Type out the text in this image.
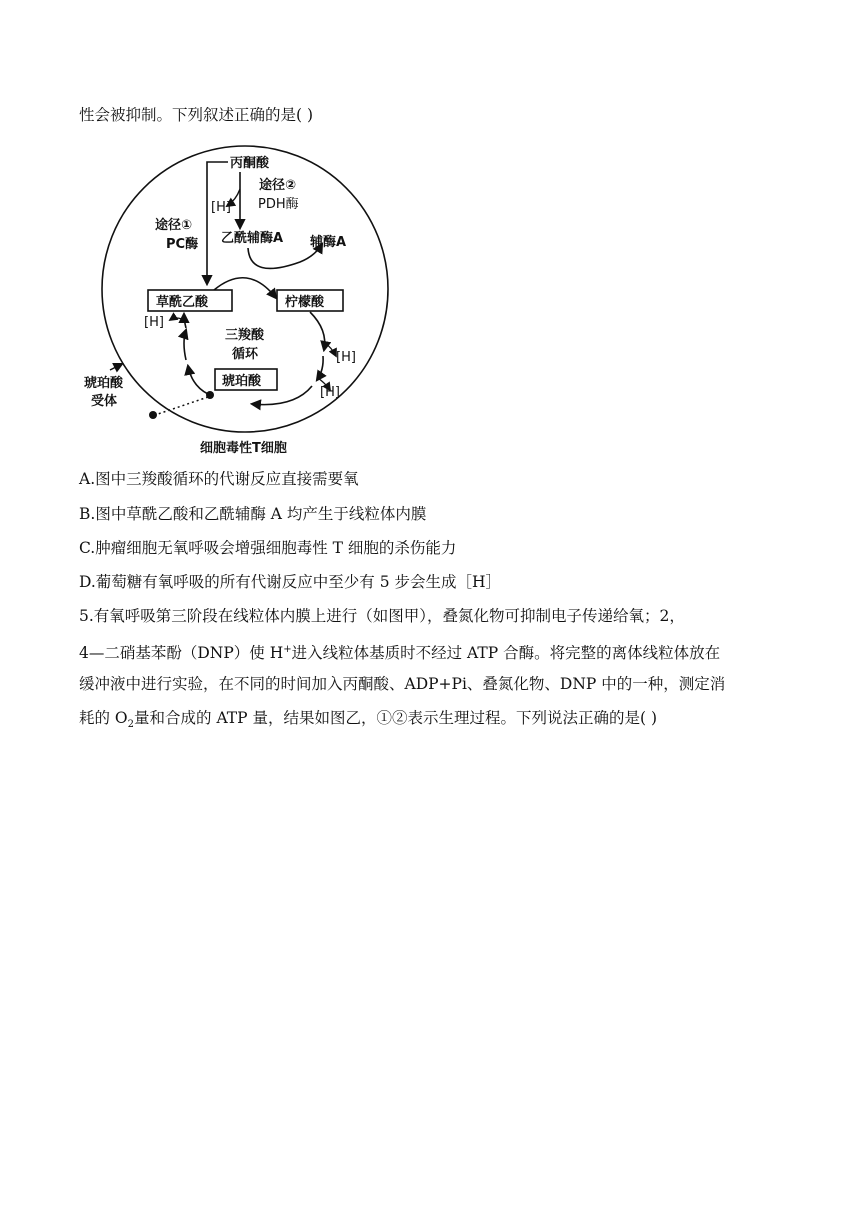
性会被抑制。下列叙述正确的是( )
丙酮酸
途径②
PDH酶
[H]
途径①
PC酶 乙酰辅酶A 辅酶A
草酰乙酸	柠檬酸
[H]
[H]
三羧酸
循环
琥珀酸
[H]
琥珀酸
受体
细胞毒性T细胞
A.图中三羧酸循环的代谢反应直接需要氧
B.图中草酰乙酸和乙酰辅酶 A 均产生于线粒体内膜
C.肿瘤细胞无氧呼吸会增强细胞毒性 T 细胞的杀伤能力
D.葡萄糖有氧呼吸的所有代谢反应中至少有 5 步会生成［H］
5.有氧呼吸第三阶段在线粒体内膜上进行（如图甲），叠氮化物可抑制电子传递给氧；2，
4—二硝基苯酚（DNP）使 H+进入线粒体基质时不经过 ATP 合酶。将完整的离体线粒体放在
缓冲液中进行实验，在不同的时间加入丙酮酸、ADP+Pi、叠氮化物、DNP 中的一种，测定消
耗的 $O_2$量和合成的 ATP 量，结果如图乙，①②表示生理过程。下列说法正确的是( )
